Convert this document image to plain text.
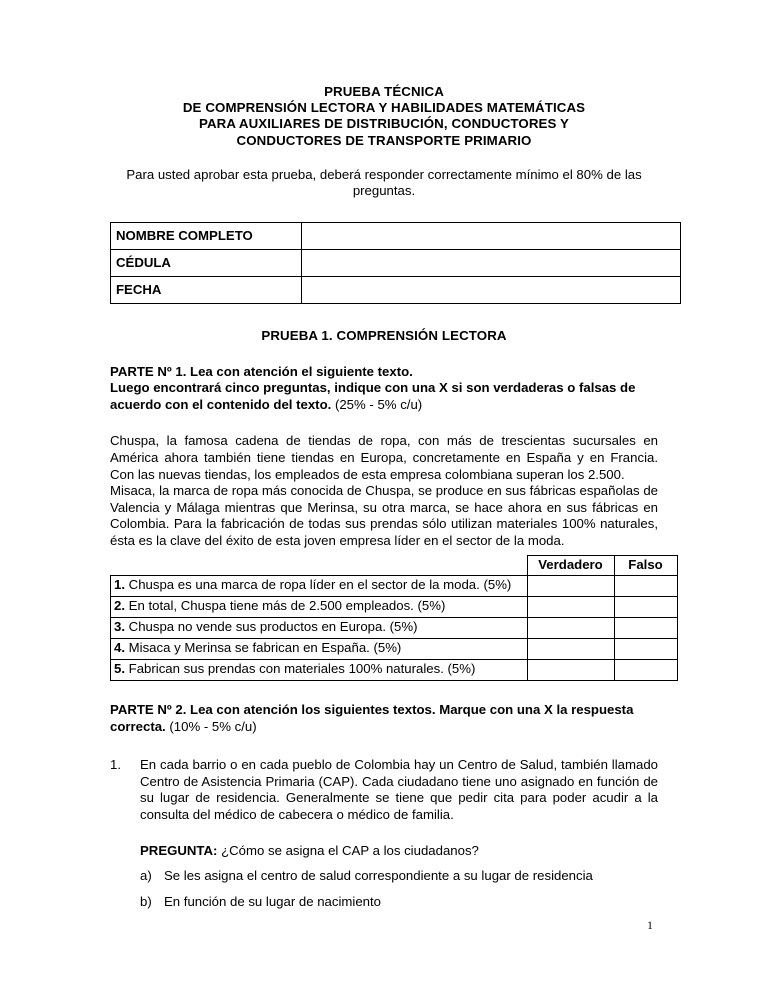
PRUEBA TÉCNICA
DE COMPRENSIÓN LECTORA Y HABILIDADES MATEMÁTICAS
PARA AUXILIARES DE DISTRIBUCIÓN, CONDUCTORES Y
CONDUCTORES DE TRANSPORTE PRIMARIO
Para usted aprobar esta prueba, deberá responder correctamente mínimo el 80% de las preguntas.
NOMBRE COMPLETO	
CÉDULA	
FECHA	
PRUEBA 1. COMPRENSIÓN LECTORA
PARTE Nº 1. Lea con atención el siguiente texto.
Luego encontrará cinco preguntas, indique con una X si son verdaderas o falsas de acuerdo con el contenido del texto. (25% - 5% c/u)
Chuspa, la famosa cadena de tiendas de ropa, con más de trescientas sucursales en América ahora también tiene tiendas en Europa, concretamente en España y en Francia. Con las nuevas tiendas, los empleados de esta empresa colombiana superan los 2.500.
Misaca, la marca de ropa más conocida de Chuspa, se produce en sus fábricas españolas de Valencia y Málaga mientras que Merinsa, su otra marca, se hace ahora en sus fábricas en Colombia. Para la fabricación de todas sus prendas sólo utilizan materiales 100% naturales, ésta es la clave del éxito de esta joven empresa líder en el sector de la moda.
	Verdadero	Falso
1. Chuspa es una marca de ropa líder en el sector de la moda. (5%)		
2. En total, Chuspa tiene más de 2.500 empleados. (5%)		
3. Chuspa no vende sus productos en Europa. (5%)		
4. Misaca y Merinsa se fabrican en España. (5%)		
5. Fabrican sus prendas con materiales 100% naturales. (5%)		
PARTE Nº 2. Lea con atención los siguientes textos. Marque con una X la respuesta correcta. (10% - 5% c/u)
1.	En cada barrio o en cada pueblo de Colombia hay un Centro de Salud, también llamado Centro de Asistencia Primaria (CAP). Cada ciudadano tiene uno asignado en función de su lugar de residencia. Generalmente se tiene que pedir cita para poder acudir a la consulta del médico de cabecera o médico de familia.
PREGUNTA: ¿Cómo se asigna el CAP a los ciudadanos?
a) Se les asigna el centro de salud correspondiente a su lugar de residencia
b) En función de su lugar de nacimiento
1
